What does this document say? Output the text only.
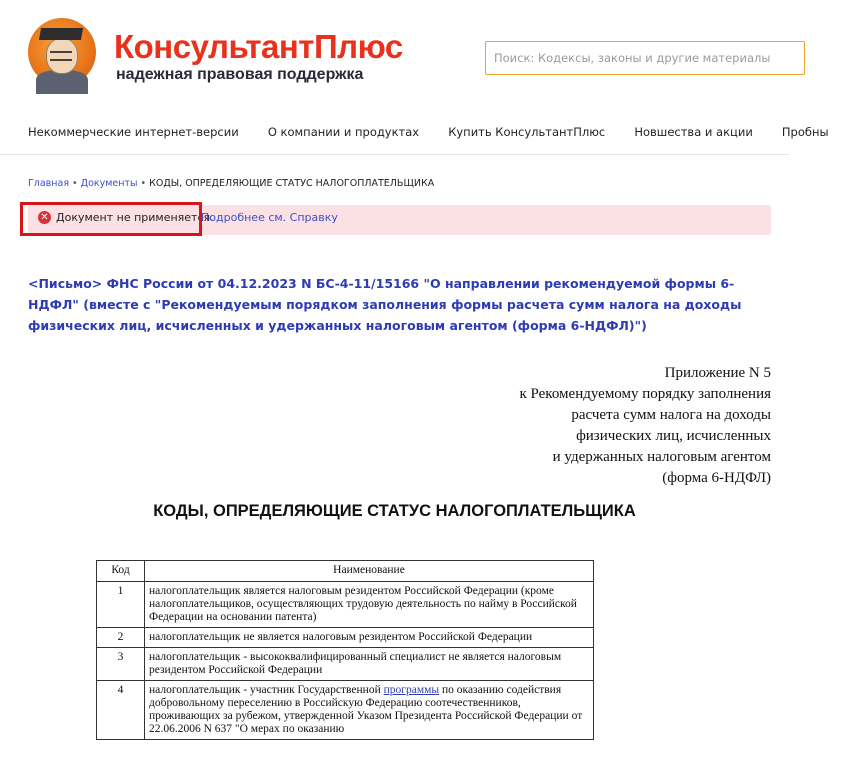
КонсультантПлюс
надежная правовая поддержка
Поиск: Кодексы, законы и другие материалы
Некоммерческие интернет-версии	О компании и продуктах	Купить КонсультантПлюс	Новшества и акции	Пробны
Главная • Документы • КОДЫ, ОПРЕДЕЛЯЮЩИЕ СТАТУС НАЛОГОПЛАТЕЛЬЩИКА
✕ Документ не применяется.
Подробнее см. Справку
<Письмо> ФНС России от 04.12.2023 N БС-4-11/15166 "О направлении рекомендуемой формы 6-НДФЛ" (вместе с "Рекомендуемым порядком заполнения формы расчета сумм налога на доходы физических лиц, исчисленных и удержанных налоговым агентом (форма 6-НДФЛ)")
Приложение N 5
к Рекомендуемому порядку заполнения
расчета сумм налога на доходы
физических лиц, исчисленных
и удержанных налоговым агентом
(форма 6-НДФЛ)
КОДЫ, ОПРЕДЕЛЯЮЩИЕ СТАТУС НАЛОГОПЛАТЕЛЬЩИКА
Код	Наименование
1	налогоплательщик является налоговым резидентом Российской Федерации (кроме налогоплательщиков, осуществляющих трудовую деятельность по найму в Российской Федерации на основании патента)
2	налогоплательщик не является налоговым резидентом Российской Федерации
3	налогоплательщик - высококвалифицированный специалист не является налоговым резидентом Российской Федерации
4	налогоплательщик - участник Государственной программы по оказанию содействия добровольному переселению в Российскую Федерацию соотечественников, проживающих за рубежом, утвержденной Указом Президента Российской Федерации от 22.06.2006 N 637 "О мерах по оказанию
